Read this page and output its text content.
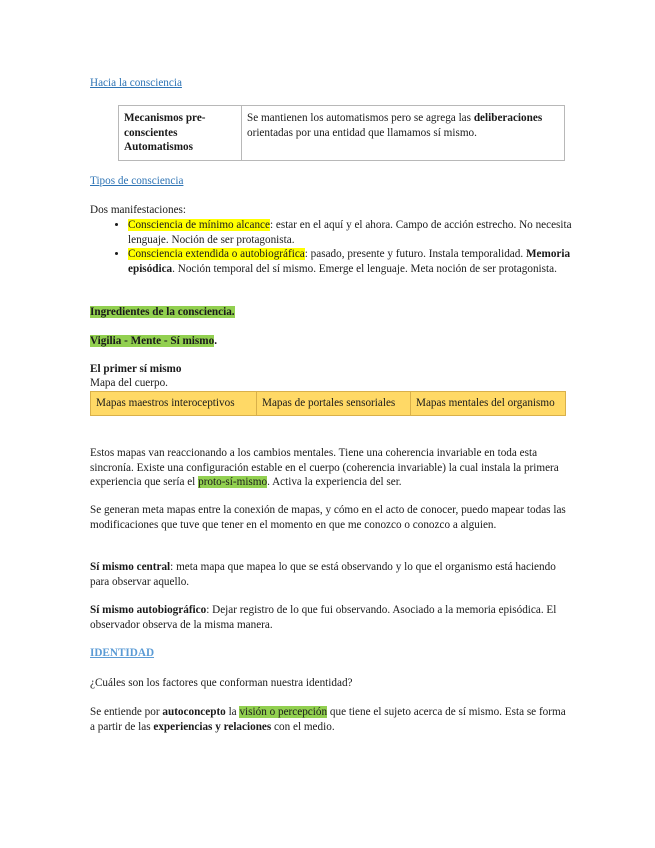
Hacia la consciencia
Mecanismos pre-
conscientes
Automatismos	Se mantienen los automatismos pero se agrega las deliberaciones orientadas por una entidad que llamamos sí mismo.
Tipos de consciencia
Dos manifestaciones:
• Consciencia de mínimo alcance: estar en el aquí y el ahora. Campo de acción estrecho. No necesita lenguaje. Noción de ser protagonista.
• Consciencia extendida o autobiográfica: pasado, presente y futuro. Instala temporalidad. Memoria episódica. Noción temporal del sí mismo. Emerge el lenguaje. Meta noción de ser protagonista.
Ingredientes de la consciencia.
Vigilia - Mente - Sí mismo.
El primer sí mismo
Mapa del cuerpo.
Mapas maestros interoceptivos	Mapas de portales sensoriales	Mapas mentales del organismo
Estos mapas van reaccionando a los cambios mentales. Tiene una coherencia invariable en toda esta sincronía. Existe una configuración estable en el cuerpo (coherencia invariable) la cual instala la primera experiencia que sería el proto-sí-mismo. Activa la experiencia del ser.
Se generan meta mapas entre la conexión de mapas, y cómo en el acto de conocer, puedo mapear todas las modificaciones que tuve que tener en el momento en que me conozco o conozco a alguien.
Sí mismo central: meta mapa que mapea lo que se está observando y lo que el organismo está haciendo para observar aquello.
Sí mismo autobiográfico: Dejar registro de lo que fui observando. Asociado a la memoria episódica. El observador observa de la misma manera.
IDENTIDAD
¿Cuáles son los factores que conforman nuestra identidad?
Se entiende por autoconcepto la visión o percepción que tiene el sujeto acerca de sí mismo. Esta se forma a partir de las experiencias y relaciones con el medio.
